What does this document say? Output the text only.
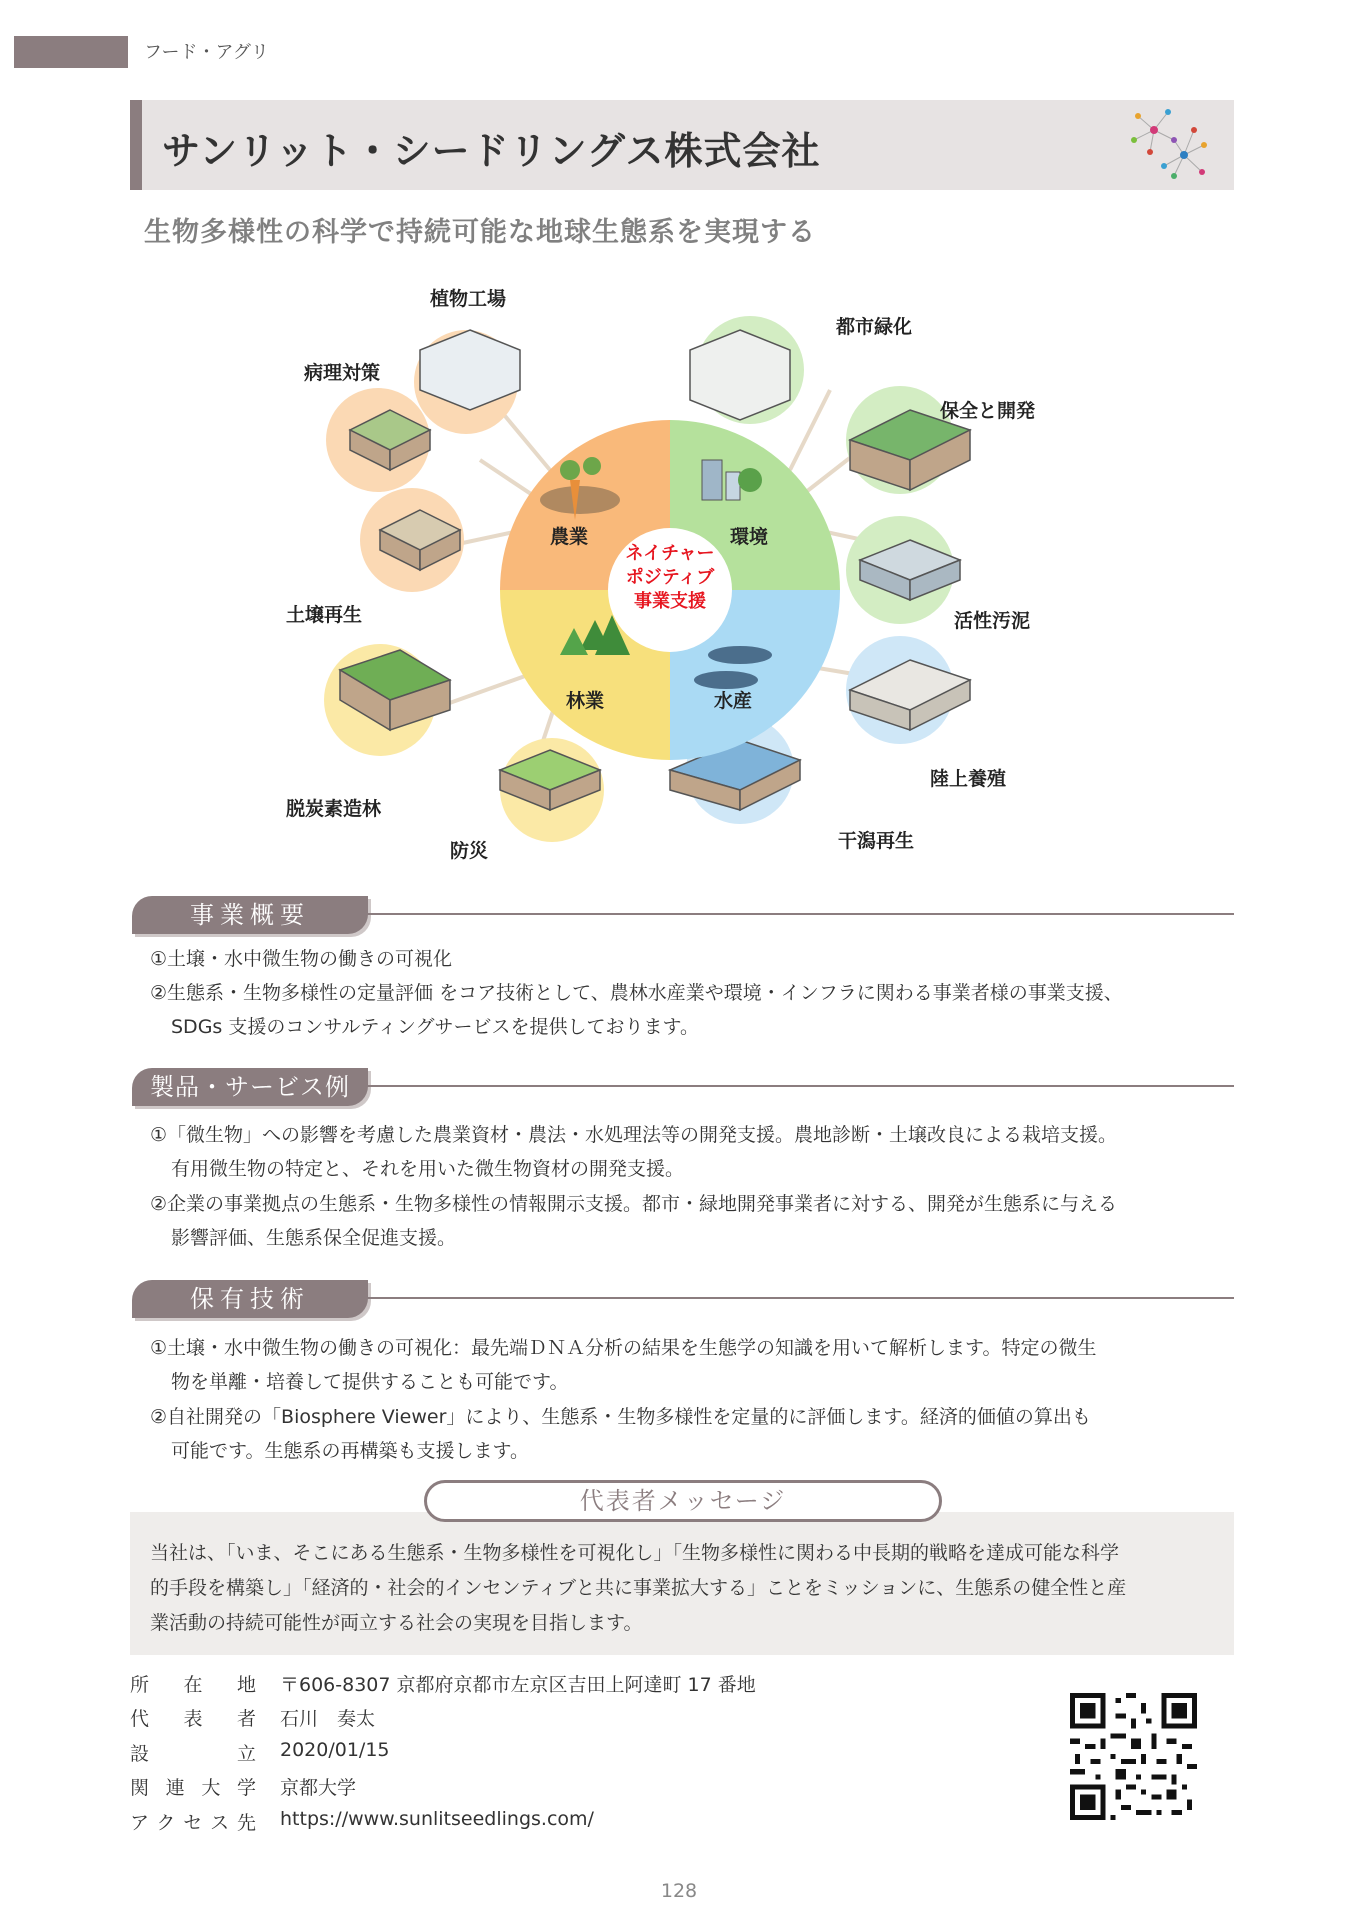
フード・アグリ
サンリット・シードリングス株式会社
生物多様性の科学で持続可能な地球生態系を実現する
ネイチャー
ポジティブ
事業支援
農業	環境
林業	水産
植物工場
都市緑化
病理対策
保全と開発
土壌再生	活性汚泥
脱炭素造林
陸上養殖
防災	干潟再生
事業概要
①土壌・水中微生物の働きの可視化
②生態系・生物多様性の定量評価 をコア技術として、農林水産業や環境・インフラに関わる事業者様の事業支援、
SDGs 支援のコンサルティングサービスを提供しております。
製品・サービス例
①「微生物」への影響を考慮した農業資材・農法・水処理法等の開発支援。農地診断・土壌改良による栽培支援。
有用微生物の特定と、それを用いた微生物資材の開発支援。
②企業の事業拠点の生態系・生物多様性の情報開示支援。都市・緑地開発事業者に対する、開発が生態系に与える
影響評価、生態系保全促進支援。
保有技術
①土壌・水中微生物の働きの可視化：最先端ＤＮＡ分析の結果を生態学の知識を用いて解析します。特定の微生
物を単離・培養して提供することも可能です。
②自社開発の「Biosphere Viewer」により、生態系・生物多様性を定量的に評価します。経済的価値の算出も
可能です。生態系の再構築も支援します。
代表者メッセージ
当社は、「いま、そこにある生態系・生物多様性を可視化し」「生物多様性に関わる中長期的戦略を達成可能な科学
的手段を構築し」「経済的・社会的インセンティブと共に事業拡大する」ことをミッションに、生態系の健全性と産
業活動の持続可能性が両立する社会の実現を目指します。
所在地 〒606-8307 京都府京都市左京区吉田上阿達町 17 番地
代表者 石川　奏太
設立 2020/01/15
関連大学 京都大学
アクセス先 https://www.sunlitseedlings.com/
128
